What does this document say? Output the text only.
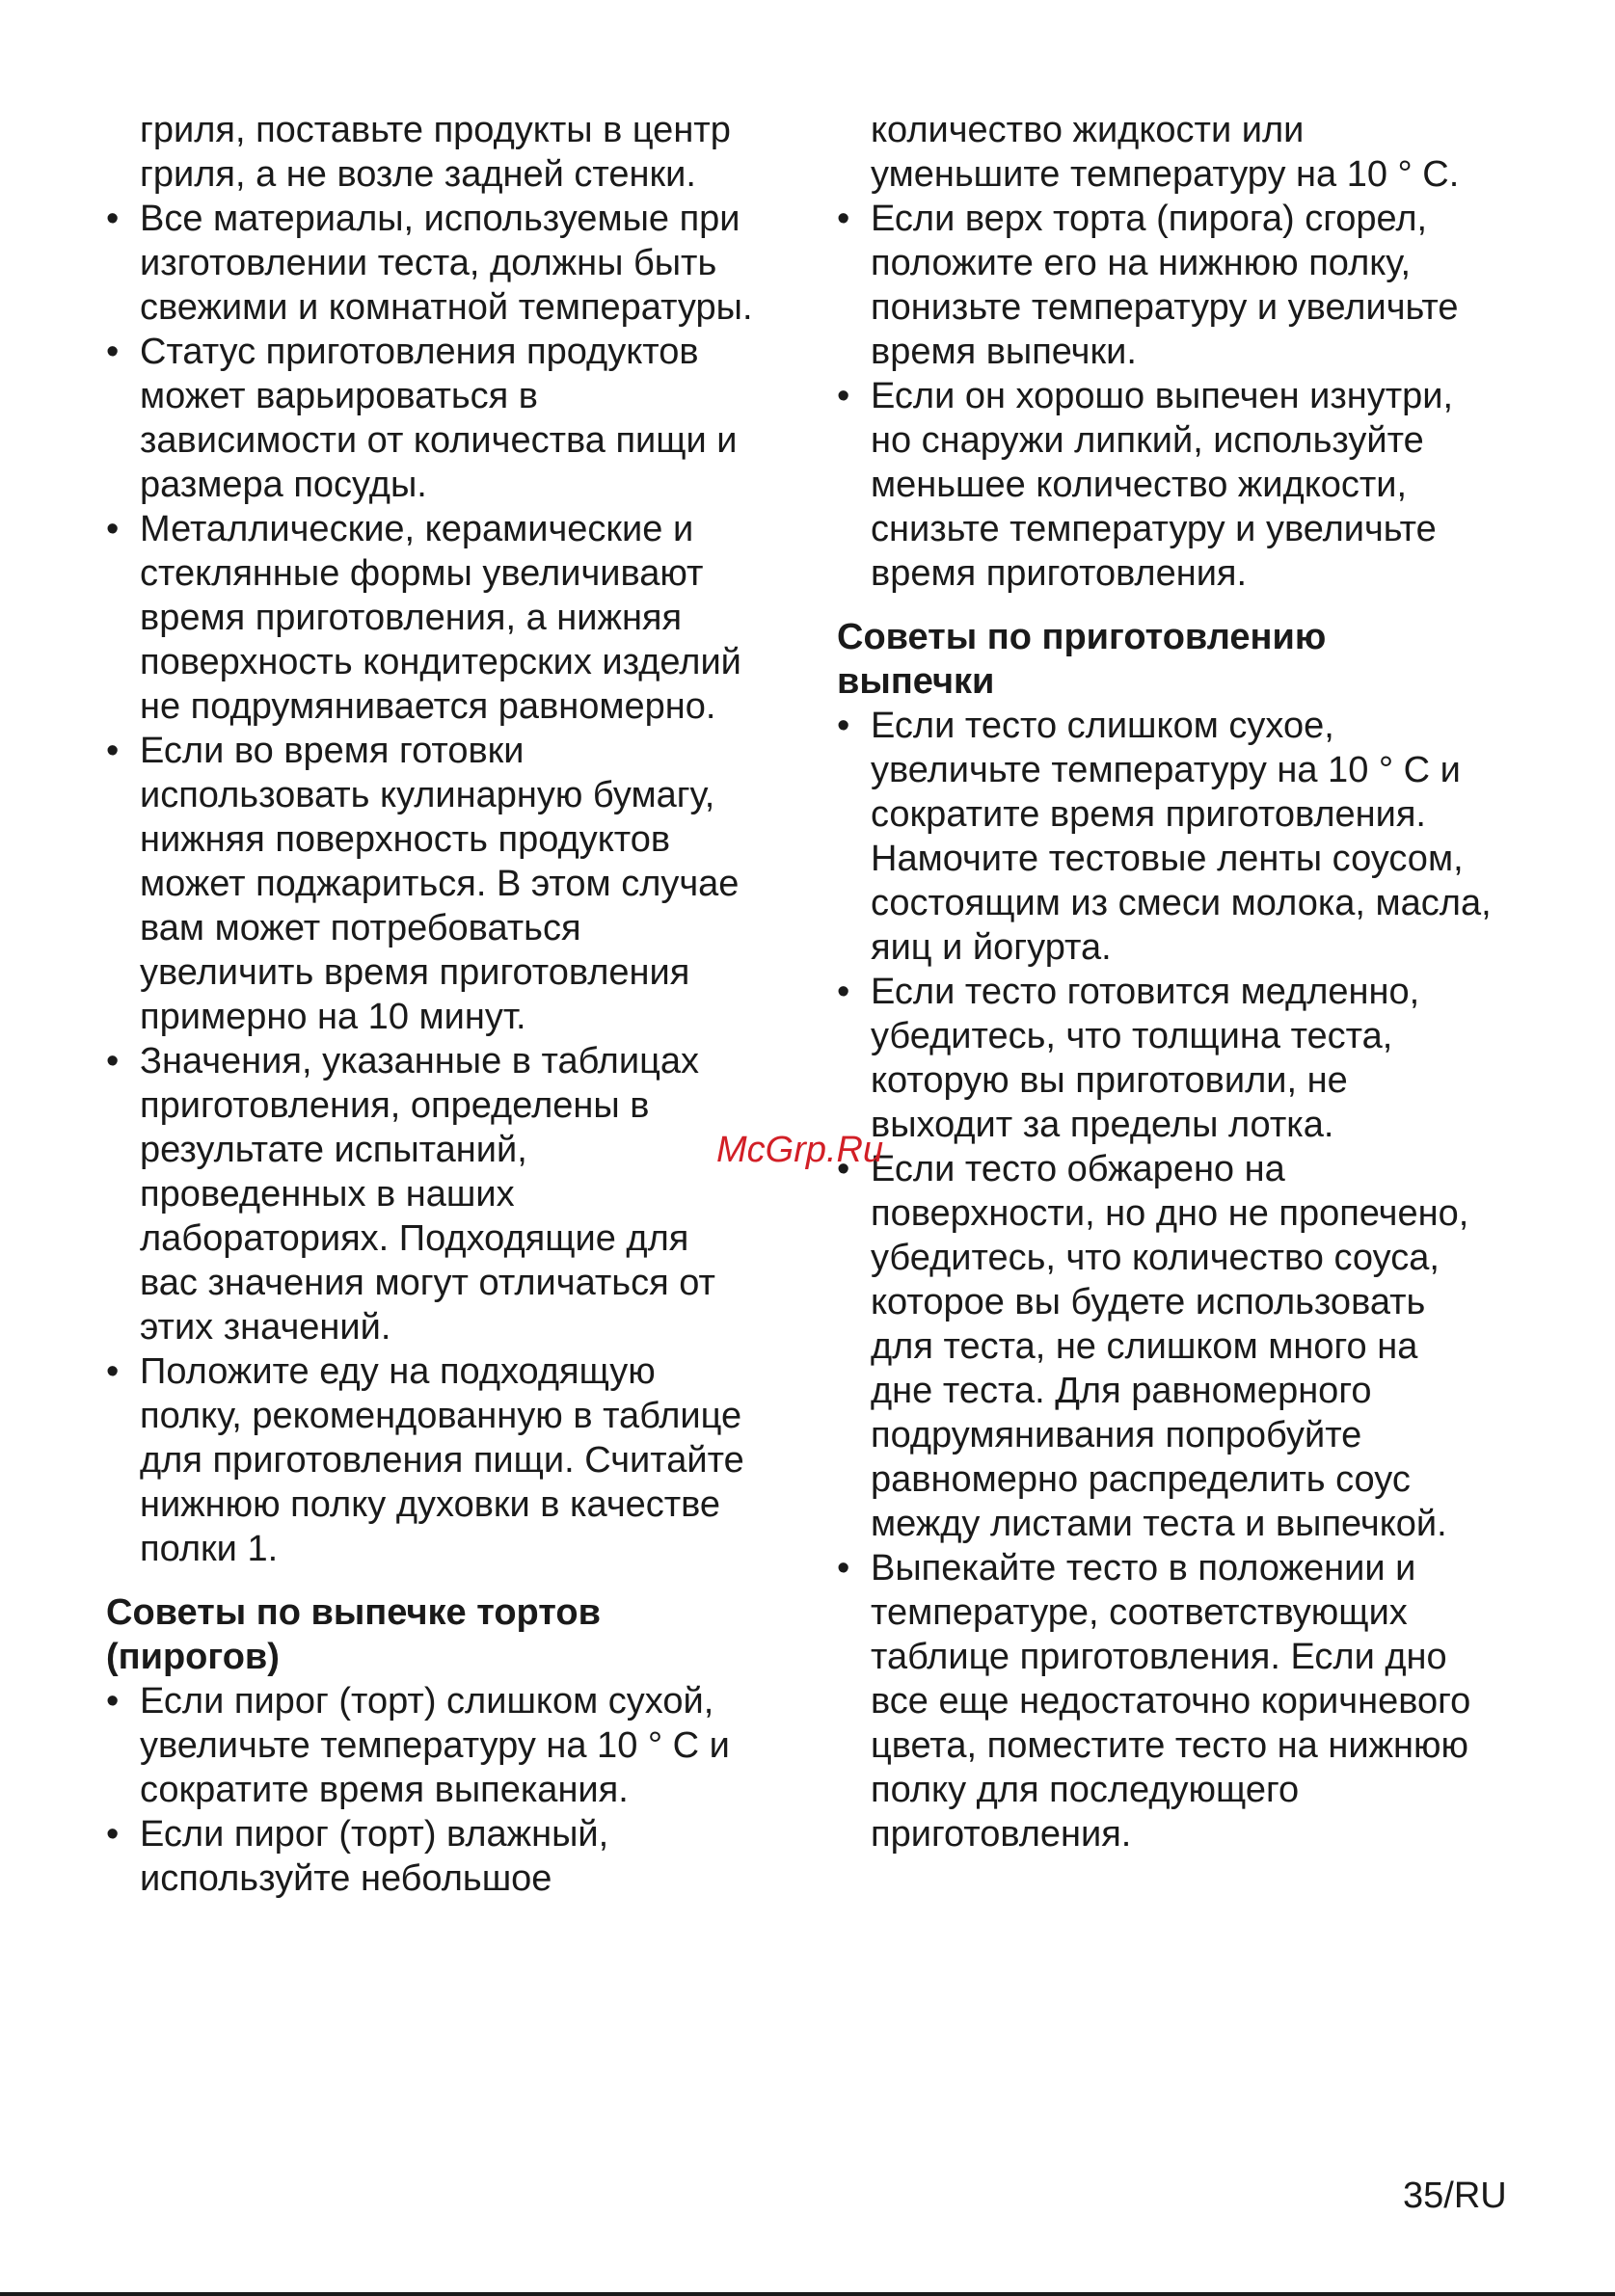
гриля, поставьте продукты в центр
гриля, а не возле задней стенки.
• Все материалы, используемые при
изготовлении теста, должны быть
свежими и комнатной температуры.
• Статус приготовления продуктов
может варьироваться в
зависимости от количества пищи и
размера посуды.
• Металлические, керамические и
стеклянные формы увеличивают
время приготовления, а нижняя
поверхность кондитерских изделий
не подрумянивается равномерно.
• Если во время готовки
использовать кулинарную бумагу,
нижняя поверхность продуктов
может поджариться. В этом случае
вам может потребоваться
увеличить время приготовления
примерно на 10 минут.
• Значения, указанные в таблицах
приготовления, определены в
результате испытаний,
проведенных в наших
лабораториях. Подходящие для
вас значения могут отличаться от
этих значений.
• Положите еду на подходящую
полку, рекомендованную в таблице
для приготовления пищи. Считайте
нижнюю полку духовки в качестве
полки 1.
Советы по выпечке тортов
(пирогов)
• Если пирог (торт) слишком сухой,
увеличьте температуру на 10 ° С и
сократите время выпекания.
• Если пирог (торт) влажный,
используйте небольшое
количество жидкости или
уменьшите температуру на 10 ° С.
• Если верх торта (пирога) сгорел,
положите его на нижнюю полку,
понизьте температуру и увеличьте
время выпечки.
• Если он хорошо выпечен изнутри,
но снаружи липкий, используйте
меньшее количество жидкости,
снизьте температуру и увеличьте
время приготовления.
Советы по приготовлению
выпечки
• Если тесто слишком сухое,
увеличьте температуру на 10 ° С и
сократите время приготовления.
Намочите тестовые ленты соусом,
состоящим из смеси молока, масла,
яиц и йогурта.
• Если тесто готовится медленно,
убедитесь, что толщина теста,
которую вы приготовили, не
выходит за пределы лотка.
• Если тесто обжарено на
поверхности, но дно не пропечено,
убедитесь, что количество соуса,
которое вы будете использовать
для теста, не слишком много на
дне теста. Для равномерного
подрумянивания попробуйте
равномерно распределить соус
между листами теста и выпечкой.
• Выпекайте тесто в положении и
температуре, соответствующих
таблице приготовления. Если дно
все еще недостаточно коричневого
цвета, поместите тесто на нижнюю
полку для последующего
приготовления.
McGrp.Ru
35/RU
